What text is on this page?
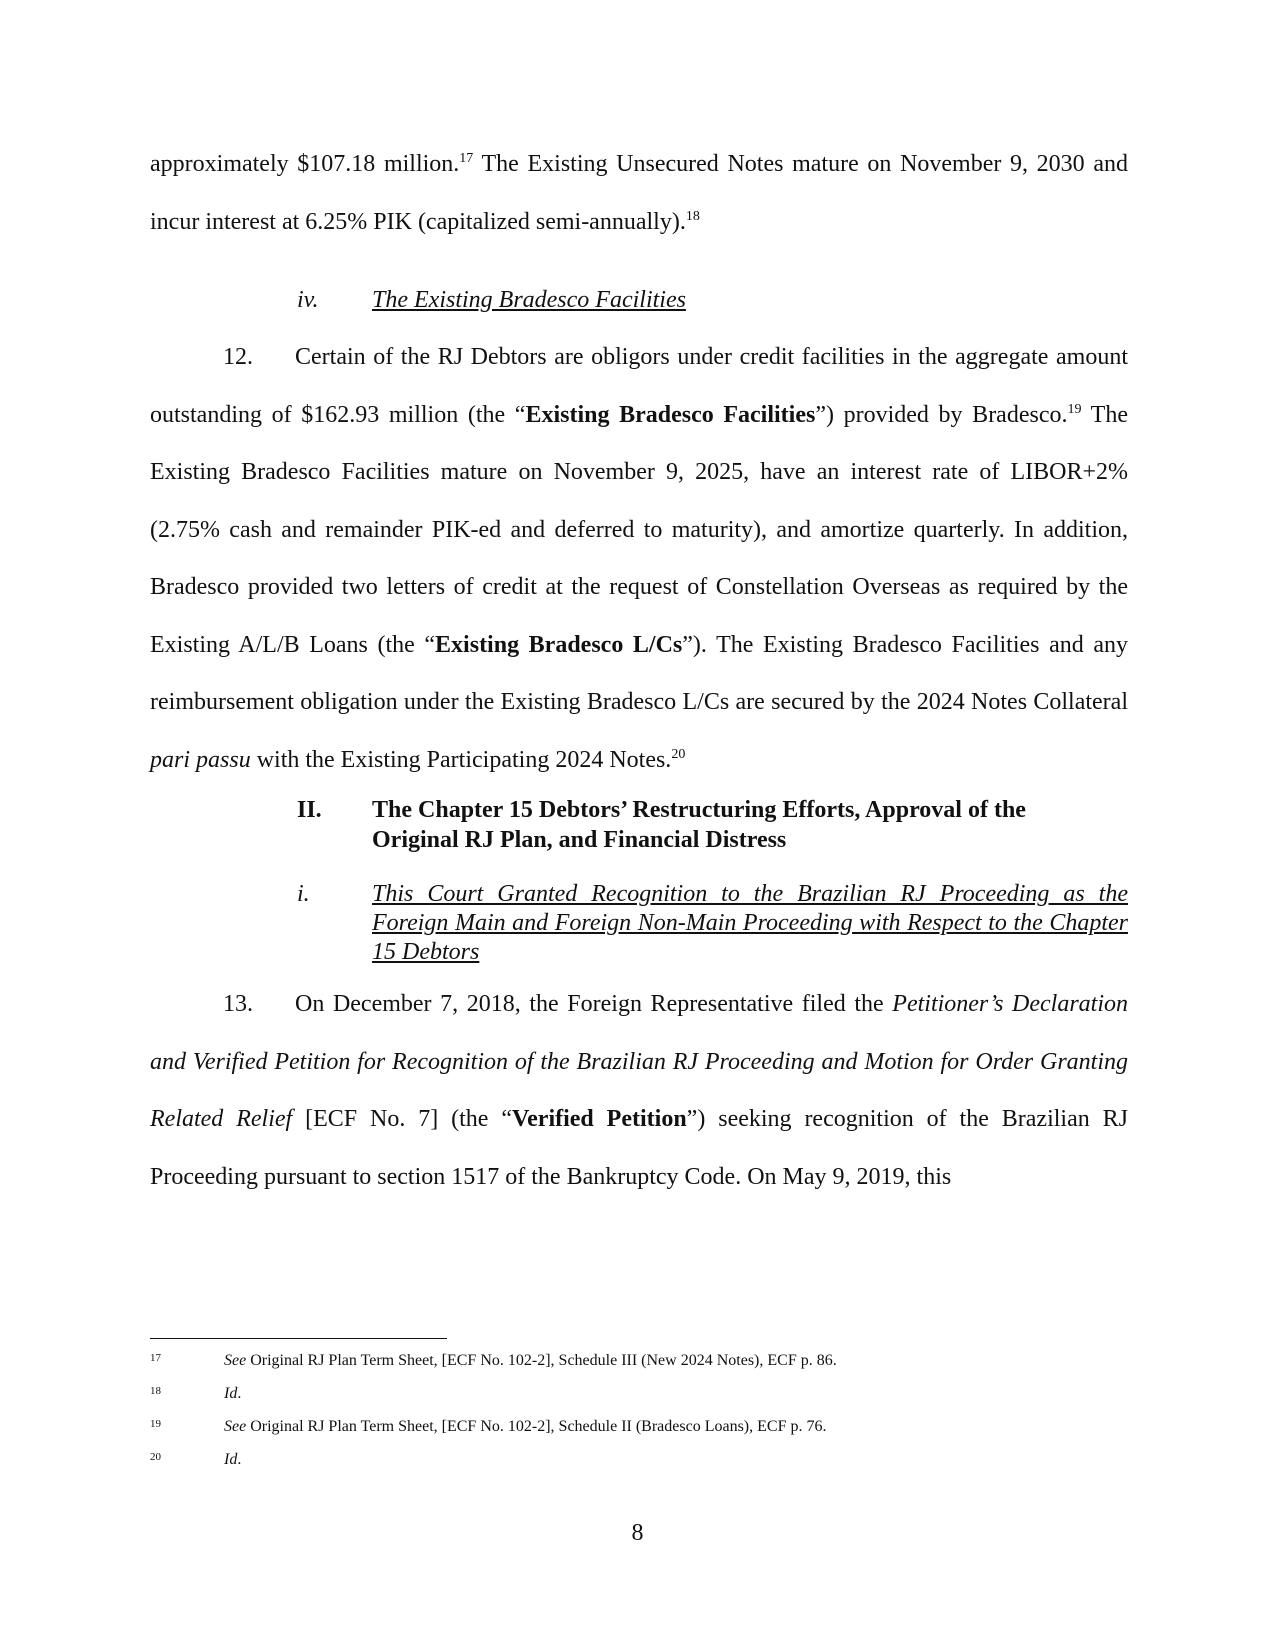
approximately $107.18 million.$^{17}$ The Existing Unsecured Notes mature on November 9, 2030 and incur interest at 6.25% PIK (capitalized semi-annually).$^{18}$
iv. The Existing Bradesco Facilities
12. Certain of the RJ Debtors are obligors under credit facilities in the aggregate amount outstanding of $162.93 million (the “Existing Bradesco Facilities”) provided by Bradesco.$^{19}$ The Existing Bradesco Facilities mature on November 9, 2025, have an interest rate of LIBOR+2% (2.75% cash and remainder PIK-ed and deferred to maturity), and amortize quarterly. In addition, Bradesco provided two letters of credit at the request of Constellation Overseas as required by the Existing A/L/B Loans (the “Existing Bradesco L/Cs”). The Existing Bradesco Facilities and any reimbursement obligation under the Existing Bradesco L/Cs are secured by the 2024 Notes Collateral pari passu with the Existing Participating 2024 Notes.$^{20}$
II. The Chapter 15 Debtors’ Restructuring Efforts, Approval of the Original RJ Plan, and Financial Distress
i.	This Court Granted Recognition to the Brazilian RJ Proceeding as the Foreign Main and Foreign Non-Main Proceeding with Respect to the Chapter 15 Debtors
13. On December 7, 2018, the Foreign Representative filed the Petitioner’s Declaration and Verified Petition for Recognition of the Brazilian RJ Proceeding and Motion for Order Granting Related Relief [ECF No. 7] (the “Verified Petition”) seeking recognition of the Brazilian RJ Proceeding pursuant to section 1517 of the Bankruptcy Code. On May 9, 2019, this
17	See Original RJ Plan Term Sheet, [ECF No. 102-2], Schedule III (New 2024 Notes), ECF p. 86.
18	Id.
19	See Original RJ Plan Term Sheet, [ECF No. 102-2], Schedule II (Bradesco Loans), ECF p. 76.
20	Id.
8
